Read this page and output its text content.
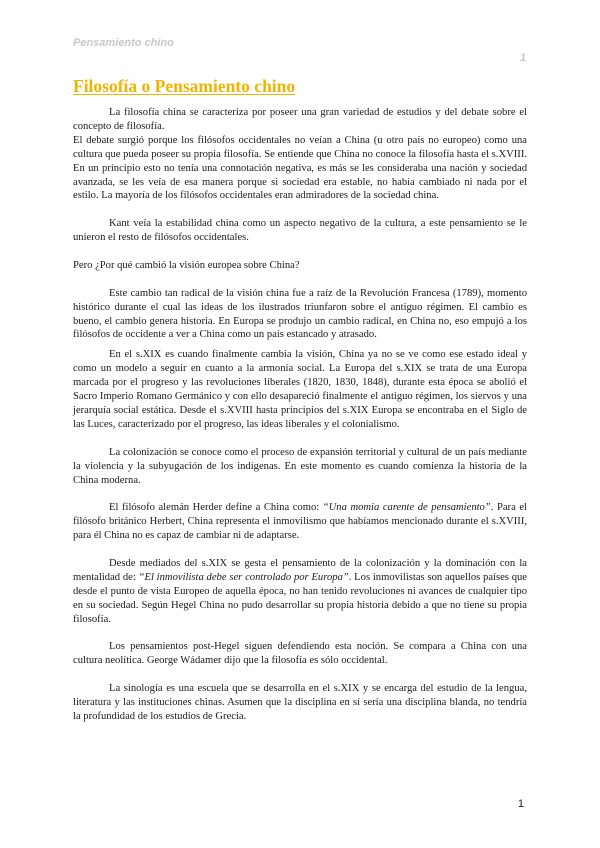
Pensamiento chino
1
Filosofía o Pensamiento chino

La filosofía china se caracteriza por poseer una gran variedad de estudios y del debate sobre el concepto de filosofía.

El debate surgió porque los filósofos occidentales no veían a China (u otro país no europeo) como una cultura que pueda poseer su propia filosofía. Se entiende que China no conoce la filosofía hasta el s.XVIII. En un principio esto no tenía una connotación negativa, es más se les consideraba una nación y sociedad avanzada, se les veía de esa manera porque si sociedad era estable, no había cambiado ni nada por el estilo. La mayoría de los filósofos occidentales eran admiradores de la sociedad china.

Kant veía la estabilidad china como un aspecto negativo de la cultura, a este pensamiento se le unieron el resto de filósofos occidentales.

Pero ¿Por qué cambió la visión europea sobre China?

Este cambio tan radical de la visión china fue a raíz de la Revolución Francesa (1789), momento histórico durante el cual las ideas de los ilustrados triunfaron sobre el antiguo régimen. El cambio es bueno, el cambio genera historia. En Europa se produjo un cambio radical, en China no, eso empujó a los filósofos de occidente a ver a China como un país estancado y atrasado.

En el s.XIX es cuando finalmente cambia la visión, China ya no se ve como ese estado ideal y como un modelo a seguir en cuanto a la armonía social. La Europa del s.XIX se trata de una Europa marcada por el progreso y las revoluciones liberales (1820, 1830, 1848), durante esta época se abolió el Sacro Imperio Romano Germánico y con ello desapareció finalmente el antiguo régimen, los siervos y una jerarquía social estática. Desde el s.XVIII hasta principios del s.XIX Europa se encontraba en el Siglo de las Luces, caracterizado por el progreso, las ideas liberales y el colonialismo.

La colonización se conoce como el proceso de expansión territorial y cultural de un país mediante la violencia y la subyugación de los indígenas. En este momento es cuando comienza la historia de la China moderna.

El filósofo alemán Herder define a China como: “Una momia carente de pensamiento”. Para el filósofo británico Herbert, China representa el inmovilismo que habíamos mencionado durante el s.XVIII, para él China no es capaz de cambiar ni de adaptarse.

Desde mediados del s.XIX se gesta el pensamiento de la colonización y la dominación con la mentalidad de: “El inmovilista debe ser controlado por Europa”. Los inmovilistas son aquellos países que desde el punto de vista Europeo de aquella época, no han tenido revoluciones ni avances de cualquier tipo en su sociedad. Según Hegel China no pudo desarrollar su propia historia debido a que no tiene su propia filosofía.

Los pensamientos post-Hegel siguen defendiendo esta noción. Se compara a China con una cultura neolítica. George Wádamer dijo que la filosofía es sólo occidental.

La sinología es una escuela que se desarrolla en el s.XIX y se encarga del estudio de la lengua, literatura y las instituciones chinas. Asumen que la disciplina en sí sería una disciplina blanda, no tendría la profundidad de los estudios de Grecia.

1
